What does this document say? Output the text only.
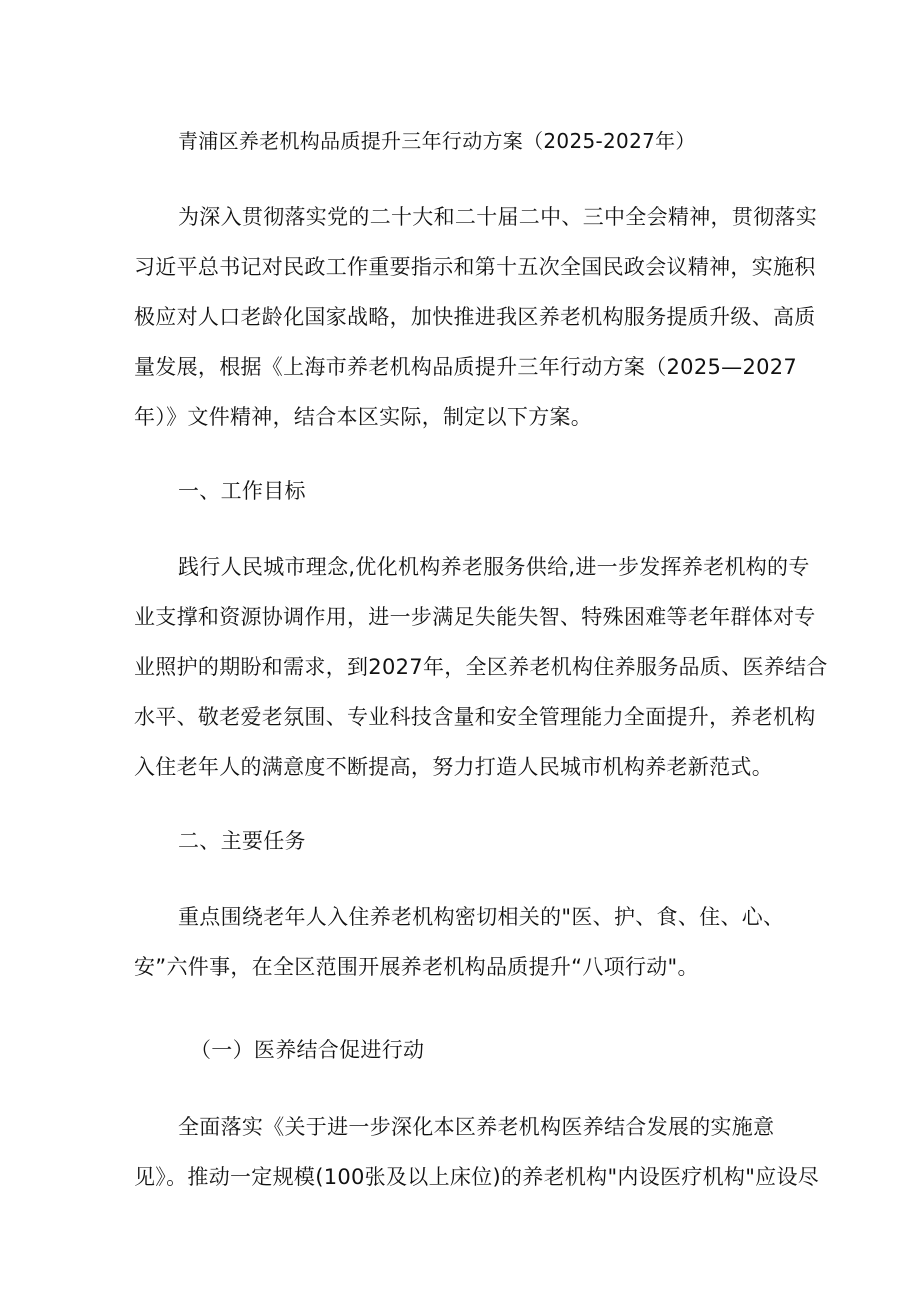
青浦区养老机构品质提升三年行动方案（2025-2027年）

为深入贯彻落实党的二十大和二十届二中、三中全会精神，贯彻落实

习近平总书记对民政工作重要指示和第十五次全国民政会议精神，实施积

极应对人口老龄化国家战略，加快推进我区养老机构服务提质升级、高质

量发展，根据《上海市养老机构品质提升三年行动方案（2025—2027

年）》文件精神，结合本区实际，制定以下方案。

一、工作目标

践行人民城市理念,优化机构养老服务供给,进一步发挥养老机构的专

业支撑和资源协调作用，进一步满足失能失智、特殊困难等老年群体对专

业照护的期盼和需求，到2027年，全区养老机构住养服务品质、医养结合

水平、敬老爱老氛围、专业科技含量和安全管理能力全面提升，养老机构

入住老年人的满意度不断提高，努力打造人民城市机构养老新范式。

二、主要任务

重点围绕老年人入住养老机构密切相关的"医、护、食、住、心、

安”六件事，在全区范围开展养老机构品质提升“八项行动"。

（一）医养结合促进行动

全面落实《关于进一步深化本区养老机构医养结合发展的实施意

见》。推动一定规模(100张及以上床位)的养老机构"内设医疗机构"应设尽
